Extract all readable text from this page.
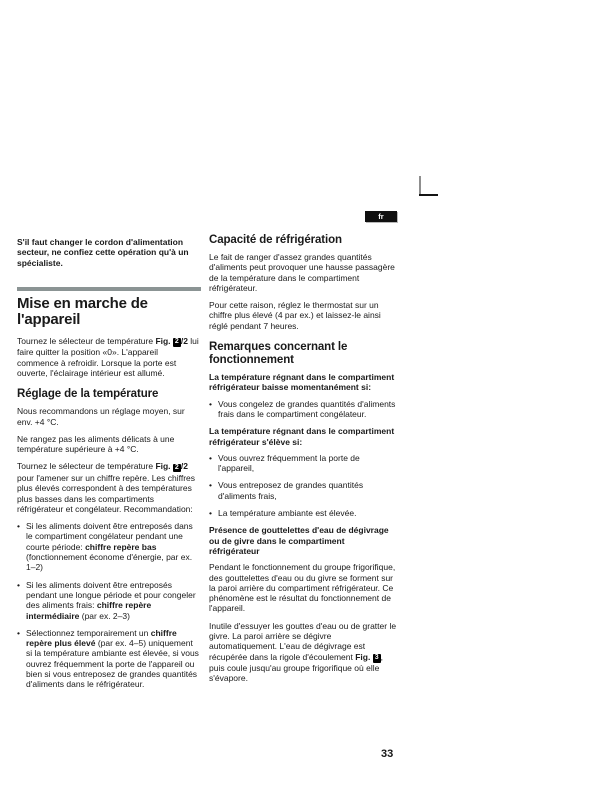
fr

S'il faut changer le cordon d'alimentation secteur, ne confiez cette opération qu'à un spécialiste.

Mise en marche de l'appareil

Tournez le sélecteur de température Fig. 2 /2 lui faire quitter la position «0». L'appareil commence à refroidir. Lorsque la porte est ouverte, l'éclairage intérieur est allumé.

Réglage de la température

Nous recommandons un réglage moyen, sur env. +4 °C.

Ne rangez pas les aliments délicats à une température supérieure à +4 °C.

Tournez le sélecteur de température Fig. 2 /2 pour l'amener sur un chiffre repère. Les chiffres plus élevés correspondent à des températures plus basses dans les compartiments réfrigérateur et congélateur. Recommandation:

• Si les aliments doivent être entreposés dans le compartiment congélateur pendant une courte période: chiffre repère bas (fonctionnement économe d'énergie, par ex. 1–2)
• Si les aliments doivent être entreposés pendant une longue période et pour congeler des aliments frais: chiffre repère intermédiaire (par ex. 2–3)
• Sélectionnez temporairement un chiffre repère plus élevé (par ex. 4–5) uniquement si la température ambiante est élevée, si vous ouvrez fréquemment la porte de l'appareil ou bien si vous entreposez de grandes quantités d'aliments dans le réfrigérateur.
Capacité de réfrigération

Le fait de ranger d'assez grandes quantités d'aliments peut provoquer une hausse passagère de la température dans le compartiment réfrigérateur.

Pour cette raison, réglez le thermostat sur un chiffre plus élevé (4 par ex.) et laissez-le ainsi réglé pendant 7 heures.

Remarques concernant le fonctionnement

La température régnant dans le compartiment réfrigérateur baisse momentanément si:

• Vous congelez de grandes quantités d'aliments frais dans le compartiment congélateur.

La température régnant dans le compartiment réfrigérateur s'élève si:

• Vous ouvrez fréquemment la porte de l'appareil,
• Vous entreposez de grandes quantités d'aliments frais,
• La température ambiante est élevée.

Présence de gouttelettes d'eau de dégivrage ou de givre dans le compartiment réfrigérateur

Pendant le fonctionnement du groupe frigorifique, des gouttelettes d'eau ou du givre se forment sur la paroi arrière du compartiment réfrigérateur. Ce phénomène est le résultat du fonctionnement de l'appareil.

Inutile d'essuyer les gouttes d'eau ou de gratter le givre. La paroi arrière se dégivre automatiquement. L'eau de dégivrage est récupérée dans la rigole d'écoulement Fig. 3 , puis coule jusqu'au groupe frigorifique où elle s'évapore.

33
